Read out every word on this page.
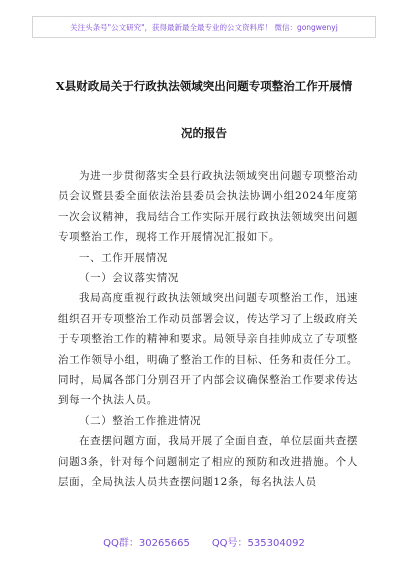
关注头条号"公文研究"，获得最新最全最专业的公文资料库！ 微信：gongwenyj
X县财政局关于行政执法领域突出问题专项整治工作开展情
况的报告

为进一步贯彻落实全县行政执法领域突出问题专项整治动员会议暨县委全面依法治县委员会执法协调小组2024年度第一次会议精神，我局结合工作实际开展行政执法领域突出问题专项整治工作，现将工作开展情况汇报如下。

一、工作开展情况

（一）会议落实情况

我局高度重视行政执法领域突出问题专项整治工作，迅速组织召开专项整治工作动员部署会议，传达学习了上级政府关于专项整治工作的精神和要求。局领导亲自挂帅成立了专项整治工作领导小组，明确了整治工作的目标、任务和责任分工。同时，局属各部门分别召开了内部会议确保整治工作要求传达到每一个执法人员。

（二）整治工作推进情况

在查摆问题方面，我局开展了全面自查，单位层面共查摆问题3条，针对每个问题制定了相应的预防和改进措施。个人层面，全局执法人员共查摆问题12条，每名执法人员

QQ群：30265665 QQ号：535304092
